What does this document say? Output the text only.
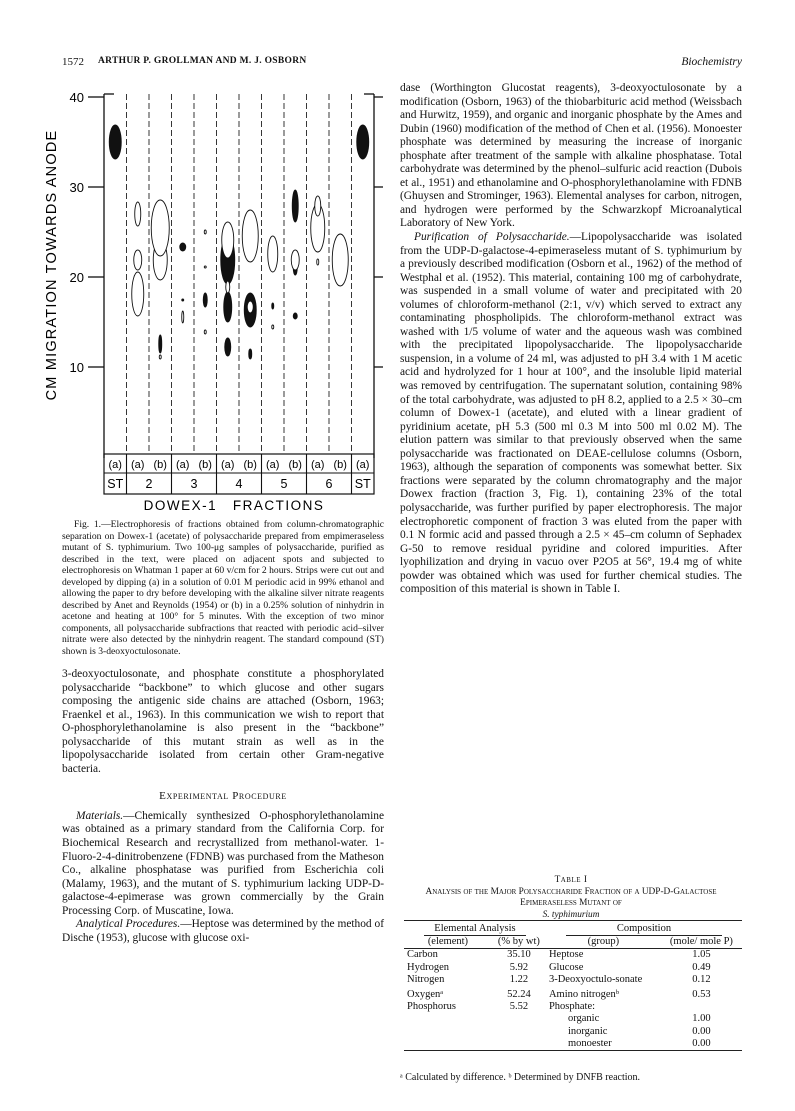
1572 ARTHUR P. GROLLMAN AND M. J. OSBORN	Biochemistry
CM MIGRATION TOWARDS ANODE
40
30
20
10
(a) (a) (b) (a) (b) (a) (b) (a) (b) (a) (b) (a)
ST 2	3	4	5	6 ST
DOWEX-1   FRACTIONS

Fig. 1.—Electrophoresis of fractions obtained from column-chromatographic separation on Dowex-1 (acetate) of polysaccharide prepared from empimeraseless mutant of S. typhimurium. Two 100-μg samples of polysaccharide, purified as described in the text, were placed on adjacent spots and subjected to electrophoresis on Whatman 1 paper at 60 v/cm for 2 hours. Strips were cut out and developed by dipping (a) in a solution of 0.01 M periodic acid in 99% ethanol and allowing the paper to dry before developing with the alkaline silver nitrate reagents described by Anet and Reynolds (1954) or (b) in a 0.25% solution of ninhydrin in acetone and heating at 100° for 5 minutes. With the exception of two minor components, all polysaccharide subfractions that reacted with periodic acid–silver nitrate were also detected by the ninhydrin reagent. The standard compound (ST) shown is 3-deoxyoctulosonate.

3-deoxyoctulosonate, and phosphate constitute a phosphorylated polysaccharide “backbone” to which glucose and other sugars composing the antigenic side chains are attached (Osborn, 1963; Fraenkel et al., 1963). In this communication we wish to report that O-phosphorylethanolamine is also present in the “backbone” polysaccharide of this mutant strain as well as in the lipopolysaccharide isolated from certain other Gram-negative bacteria.

Experimental Procedure

Materials.—Chemically synthesized O-phosphorylethanolamine was obtained as a primary standard from the California Corp. for Biochemical Research and recrystallized from methanol-water. 1-Fluoro-2-4-dinitrobenzene (FDNB) was purchased from the Matheson Co., alkaline phosphatase was purified from Escherichia coli (Malamy, 1963), and the mutant of S. typhimurium lacking UDP-D-galactose-4-epimerase was grown commercially by the Grain Processing Corp. of Muscatine, Iowa.

Analytical Procedures.—Heptose was determined by the method of Dische (1953), glucose with glucose oxi-

dase (Worthington Glucostat reagents), 3-deoxyoctulosonate by a modification (Osborn, 1963) of the thiobarbituric acid method (Weissbach and Hurwitz, 1959), and organic and inorganic phosphate by the Ames and Dubin (1960) modification of the method of Chen et al. (1956). Monoester phosphate was determined by measuring the increase of inorganic phosphate after treatment of the sample with alkaline phosphatase. Total carbohydrate was determined by the phenol–sulfuric acid reaction (Dubois et al., 1951) and ethanolamine and O-phosphorylethanolamine with FDNB (Ghuysen and Strominger, 1963). Elemental analyses for carbon, nitrogen, and hydrogen were performed by the Schwarzkopf Microanalytical Laboratory of New York.

Purification of Polysaccharide.—Lipopolysaccharide was isolated from the UDP-D-galactose-4-epimeraseless mutant of S. typhimurium by a previously described modification (Osborn et al., 1962) of the method of Westphal et al. (1952). This material, containing 100 mg of carbohydrate, was suspended in a small volume of water and precipitated with 20 volumes of chloroform-methanol (2:1, v/v) which served to extract any contaminating phospholipids. The chloroform-methanol extract was washed with 1/5 volume of water and the aqueous wash was combined with the precipitated lipopolysaccharide. The lipopolysaccharide suspension, in a volume of 24 ml, was adjusted to pH 3.4 with 1 M acetic acid and hydrolyzed for 1 hour at 100°, and the insoluble lipid material was removed by centrifugation. The supernatant solution, containing 98% of the total carbohydrate, was adjusted to pH 8.2, applied to a 2.5 × 30–cm column of Dowex-1 (acetate), and eluted with a linear gradient of pyridinium acetate, pH 5.3 (500 ml 0.3 M into 500 ml 0.02 M). The elution pattern was similar to that previously observed when the same polysaccharide was fractionated on DEAE-cellulose columns (Osborn, 1963), although the separation of components was somewhat better. Six fractions were separated by the column chromatography and the major Dowex fraction (fraction 3, Fig. 1), containing 23% of the total polysaccharide, was further purified by paper electrophoresis. The major electrophoretic component of fraction 3 was eluted from the paper with 0.1 N formic acid and passed through a 2.5 × 45–cm column of Sephadex G-50 to remove residual pyridine and colored impurities. After lyophilization and drying in vacuo over P2O5 at 56°, 19.4 mg of white powder was obtained which was used for further chemical studies. The composition of this material is shown in Table I.

Table I
Analysis of the Major Polysaccharide Fraction of a UDP-D-Galactose Epimeraseless Mutant of
S. typhimurium

Elemental Analysis		Composition	

(element)	(% by wt)	(group)	(mole/ mole P)

Carbon	35.10	Heptose	1.05
Hydrogen	5.92	Glucose	0.49
Nitrogen	1.22	3-Deoxyoctulo-sonate	0.12
Oxygenᵃ	52.24	Amino nitrogenᵇ	0.53
Phosphorus	5.52	Phosphate:	
		organic	1.00
		inorganic	0.00
		monoester	0.00

ᵃ Calculated by difference. ᵇ Determined by DNFB reaction.
